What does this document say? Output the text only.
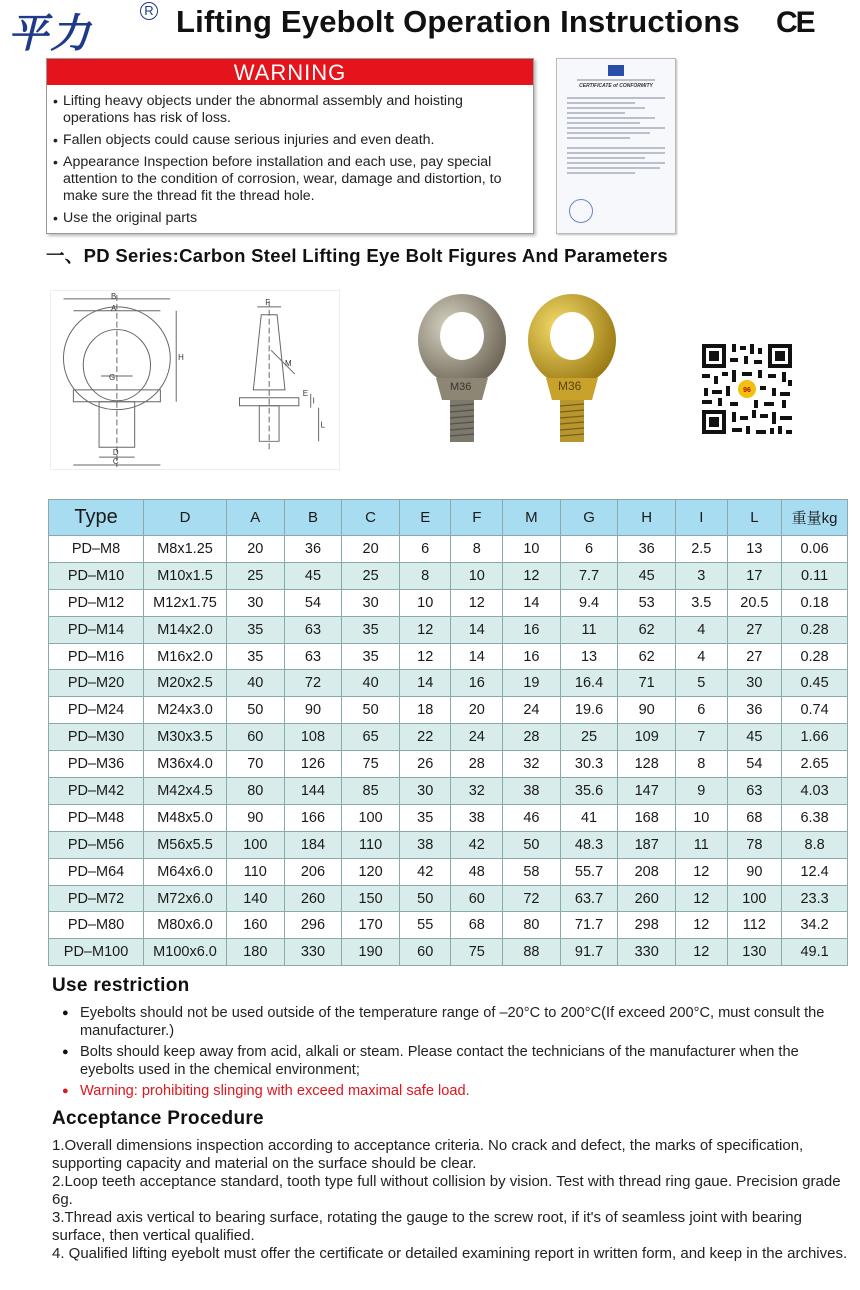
平力	R Lifting Eyebolt Operation Instructions CE
WARNING
• Lifting heavy objects under the abnormal assembly and hoisting operations has risk of loss.
• Fallen objects could cause serious injuries and even death.
• Appearance Inspection before installation and each use, pay special attention to the condition of corrosion, wear, damage and distortion, to make sure the thread fit the thread hole.
• Use the original parts
CERTIFICATE of CONFORMITY
一、PD Series:Carbon Steel Lifting Eye Bolt Figures And Parameters
B
A
G
D
C
H
F
M
I
L
E
M36	M36	96
Type	D	A	B	C	E	F	M	G	H	I	L	重量kg
PD–M8	M8x1.25	20	36	20	6	8	10	6	36	2.5	13	0.06
PD–M10	M10x1.5	25	45	25	8	10	12	7.7	45	3	17	0.11
PD–M12	M12x1.75	30	54	30	10	12	14	9.4	53	3.5	20.5	0.18
PD–M14	M14x2.0	35	63	35	12	14	16	11	62	4	27	0.28
PD–M16	M16x2.0	35	63	35	12	14	16	13	62	4	27	0.28
PD–M20	M20x2.5	40	72	40	14	16	19	16.4	71	5	30	0.45
PD–M24	M24x3.0	50	90	50	18	20	24	19.6	90	6	36	0.74
PD–M30	M30x3.5	60	108	65	22	24	28	25	109	7	45	1.66
PD–M36	M36x4.0	70	126	75	26	28	32	30.3	128	8	54	2.65
PD–M42	M42x4.5	80	144	85	30	32	38	35.6	147	9	63	4.03
PD–M48	M48x5.0	90	166	100	35	38	46	41	168	10	68	6.38
PD–M56	M56x5.5	100	184	110	38	42	50	48.3	187	11	78	8.8
PD–M64	M64x6.0	110	206	120	42	48	58	55.7	208	12	90	12.4
PD–M72	M72x6.0	140	260	150	50	60	72	63.7	260	12	100	23.3
PD–M80	M80x6.0	160	296	170	55	68	80	71.7	298	12	112	34.2
PD–M100	M100x6.0	180	330	190	60	75	88	91.7	330	12	130	49.1
Use restriction
● Eyebolts should not be used outside of the temperature range of –20°C to 200°C(If exceed 200°C, must consult the manufacturer.)
● Bolts should keep away from acid, alkali or steam. Please contact the technicians of the manufacturer when the eyebolts used in the chemical environment;
● Warning: prohibiting slinging with exceed maximal safe load.
Acceptance Procedure

1.Overall dimensions inspection according to acceptance criteria. No crack and defect, the marks of specification, supporting capacity and material on the surface should be clear.

2.Loop teeth acceptance standard, tooth type full without collision by vision. Test with thread ring gaue. Precision grade 6g.

3.Thread axis vertical to bearing surface, rotating the gauge to the screw root, if it's of seamless joint with bearing surface, then vertical qualified.

4. Qualified lifting eyebolt must offer the certificate or detailed examining report in written form, and keep in the archives.
